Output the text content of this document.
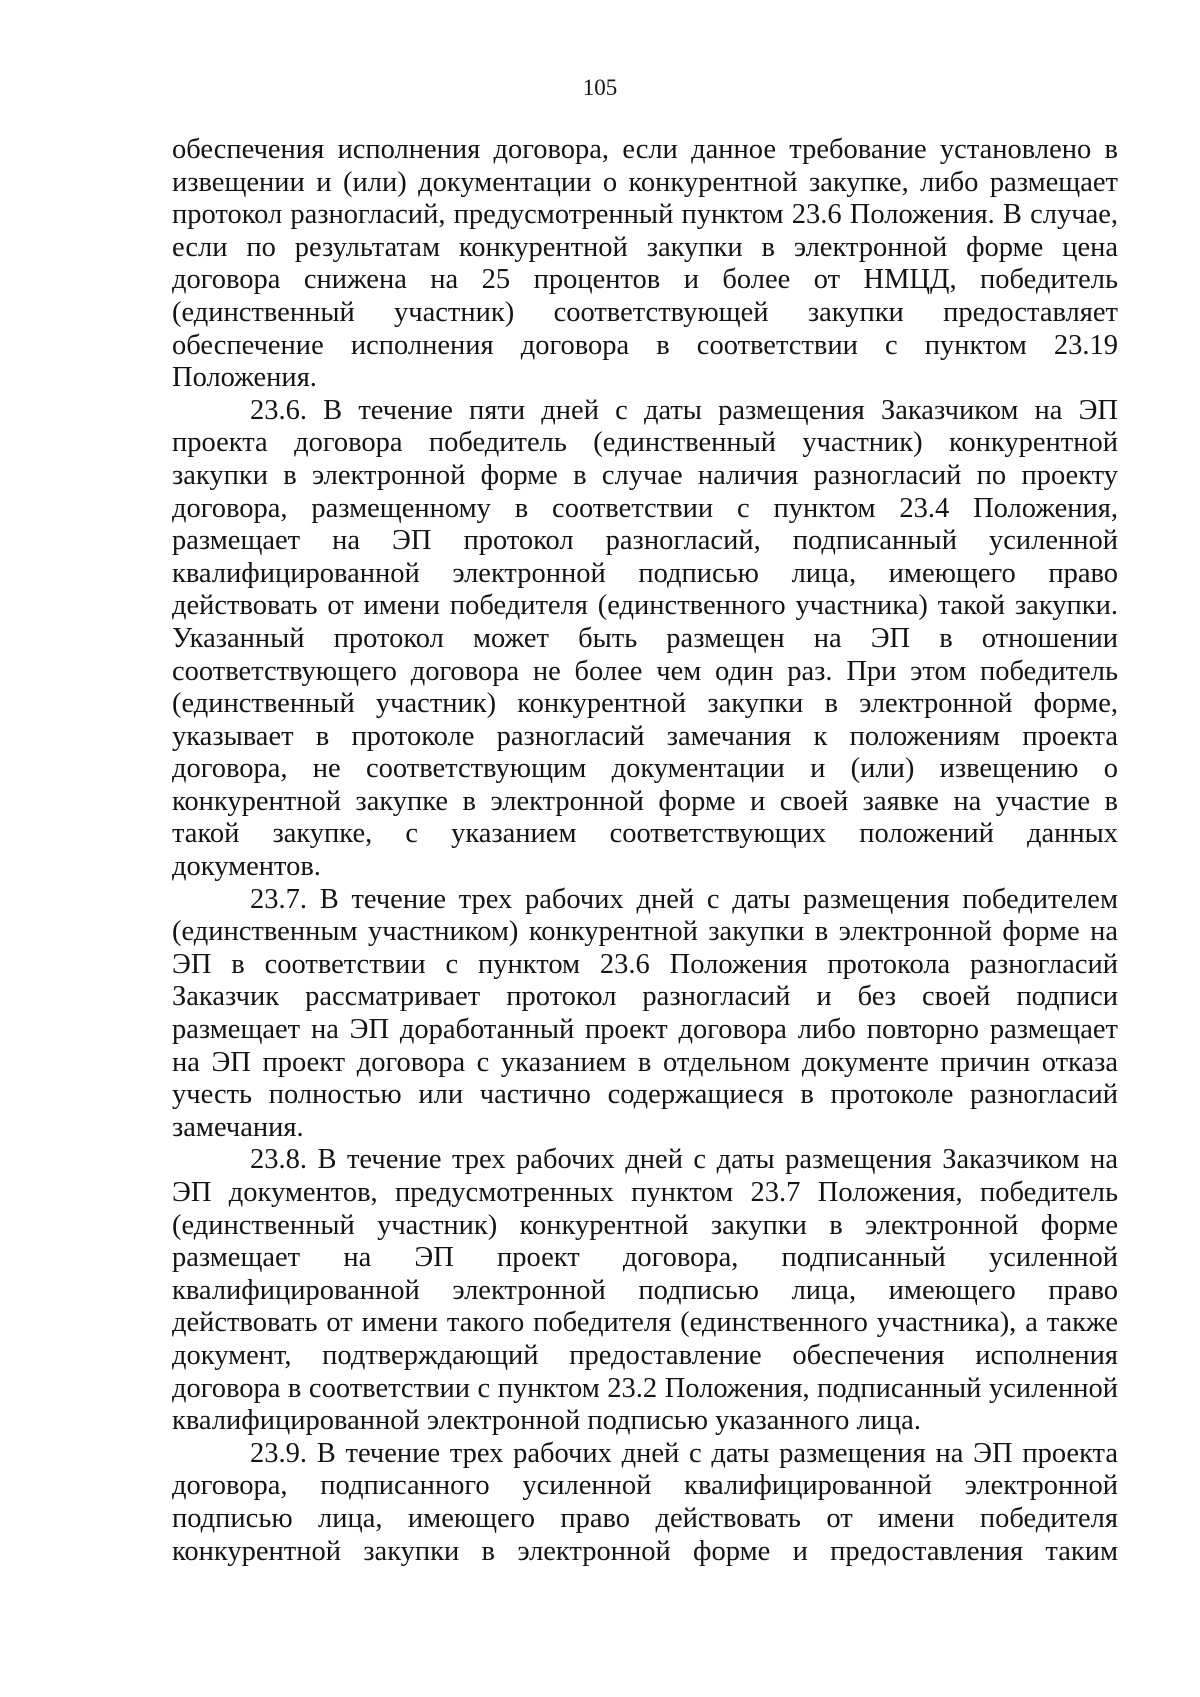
105

обеспечения исполнения договора, если данное требование установлено в извещении и (или) документации о конкурентной закупке, либо размещает протокол разногласий, предусмотренный пунктом 23.6 Положения. В случае, если по результатам конкурентной закупки в электронной форме цена договора снижена на 25 процентов и более от НМЦД, победитель (единственный участник) соответствующей закупки предоставляет обеспечение исполнения договора в соответствии с пунктом 23.19 Положения.

23.6. В течение пяти дней с даты размещения Заказчиком на ЭП проекта договора победитель (единственный участник) конкурентной закупки в электронной форме в случае наличия разногласий по проекту договора, размещенному в соответствии с пунктом 23.4 Положения, размещает на ЭП протокол разногласий, подписанный усиленной квалифицированной электронной подписью лица, имеющего право действовать от имени победителя (единственного участника) такой закупки. Указанный протокол может быть размещен на ЭП в отношении соответствующего договора не более чем один раз. При этом победитель (единственный участник) конкурентной закупки в электронной форме, указывает в протоколе разногласий замечания к положениям проекта договора, не соответствующим документации и (или) извещению о конкурентной закупке в электронной форме и своей заявке на участие в такой закупке, с указанием соответствующих положений данных документов.

23.7. В течение трех рабочих дней с даты размещения победителем (единственным участником) конкурентной закупки в электронной форме на ЭП в соответствии с пунктом 23.6 Положения протокола разногласий Заказчик рассматривает протокол разногласий и без своей подписи размещает на ЭП доработанный проект договора либо повторно размещает на ЭП проект договора с указанием в отдельном документе причин отказа учесть полностью или частично содержащиеся в протоколе разногласий замечания.

23.8. В течение трех рабочих дней с даты размещения Заказчиком на ЭП документов, предусмотренных пунктом 23.7 Положения, победитель (единственный участник) конкурентной закупки в электронной форме размещает на ЭП проект договора, подписанный усиленной квалифицированной электронной подписью лица, имеющего право действовать от имени такого победителя (единственного участника), а также документ, подтверждающий предоставление обеспечения исполнения договора в соответствии с пунктом 23.2 Положения, подписанный усиленной квалифицированной электронной подписью указанного лица.

23.9. В течение трех рабочих дней с даты размещения на ЭП проекта договора, подписанного усиленной квалифицированной электронной подписью лица, имеющего право действовать от имени победителя конкурентной закупки в электронной форме и предоставления таким
